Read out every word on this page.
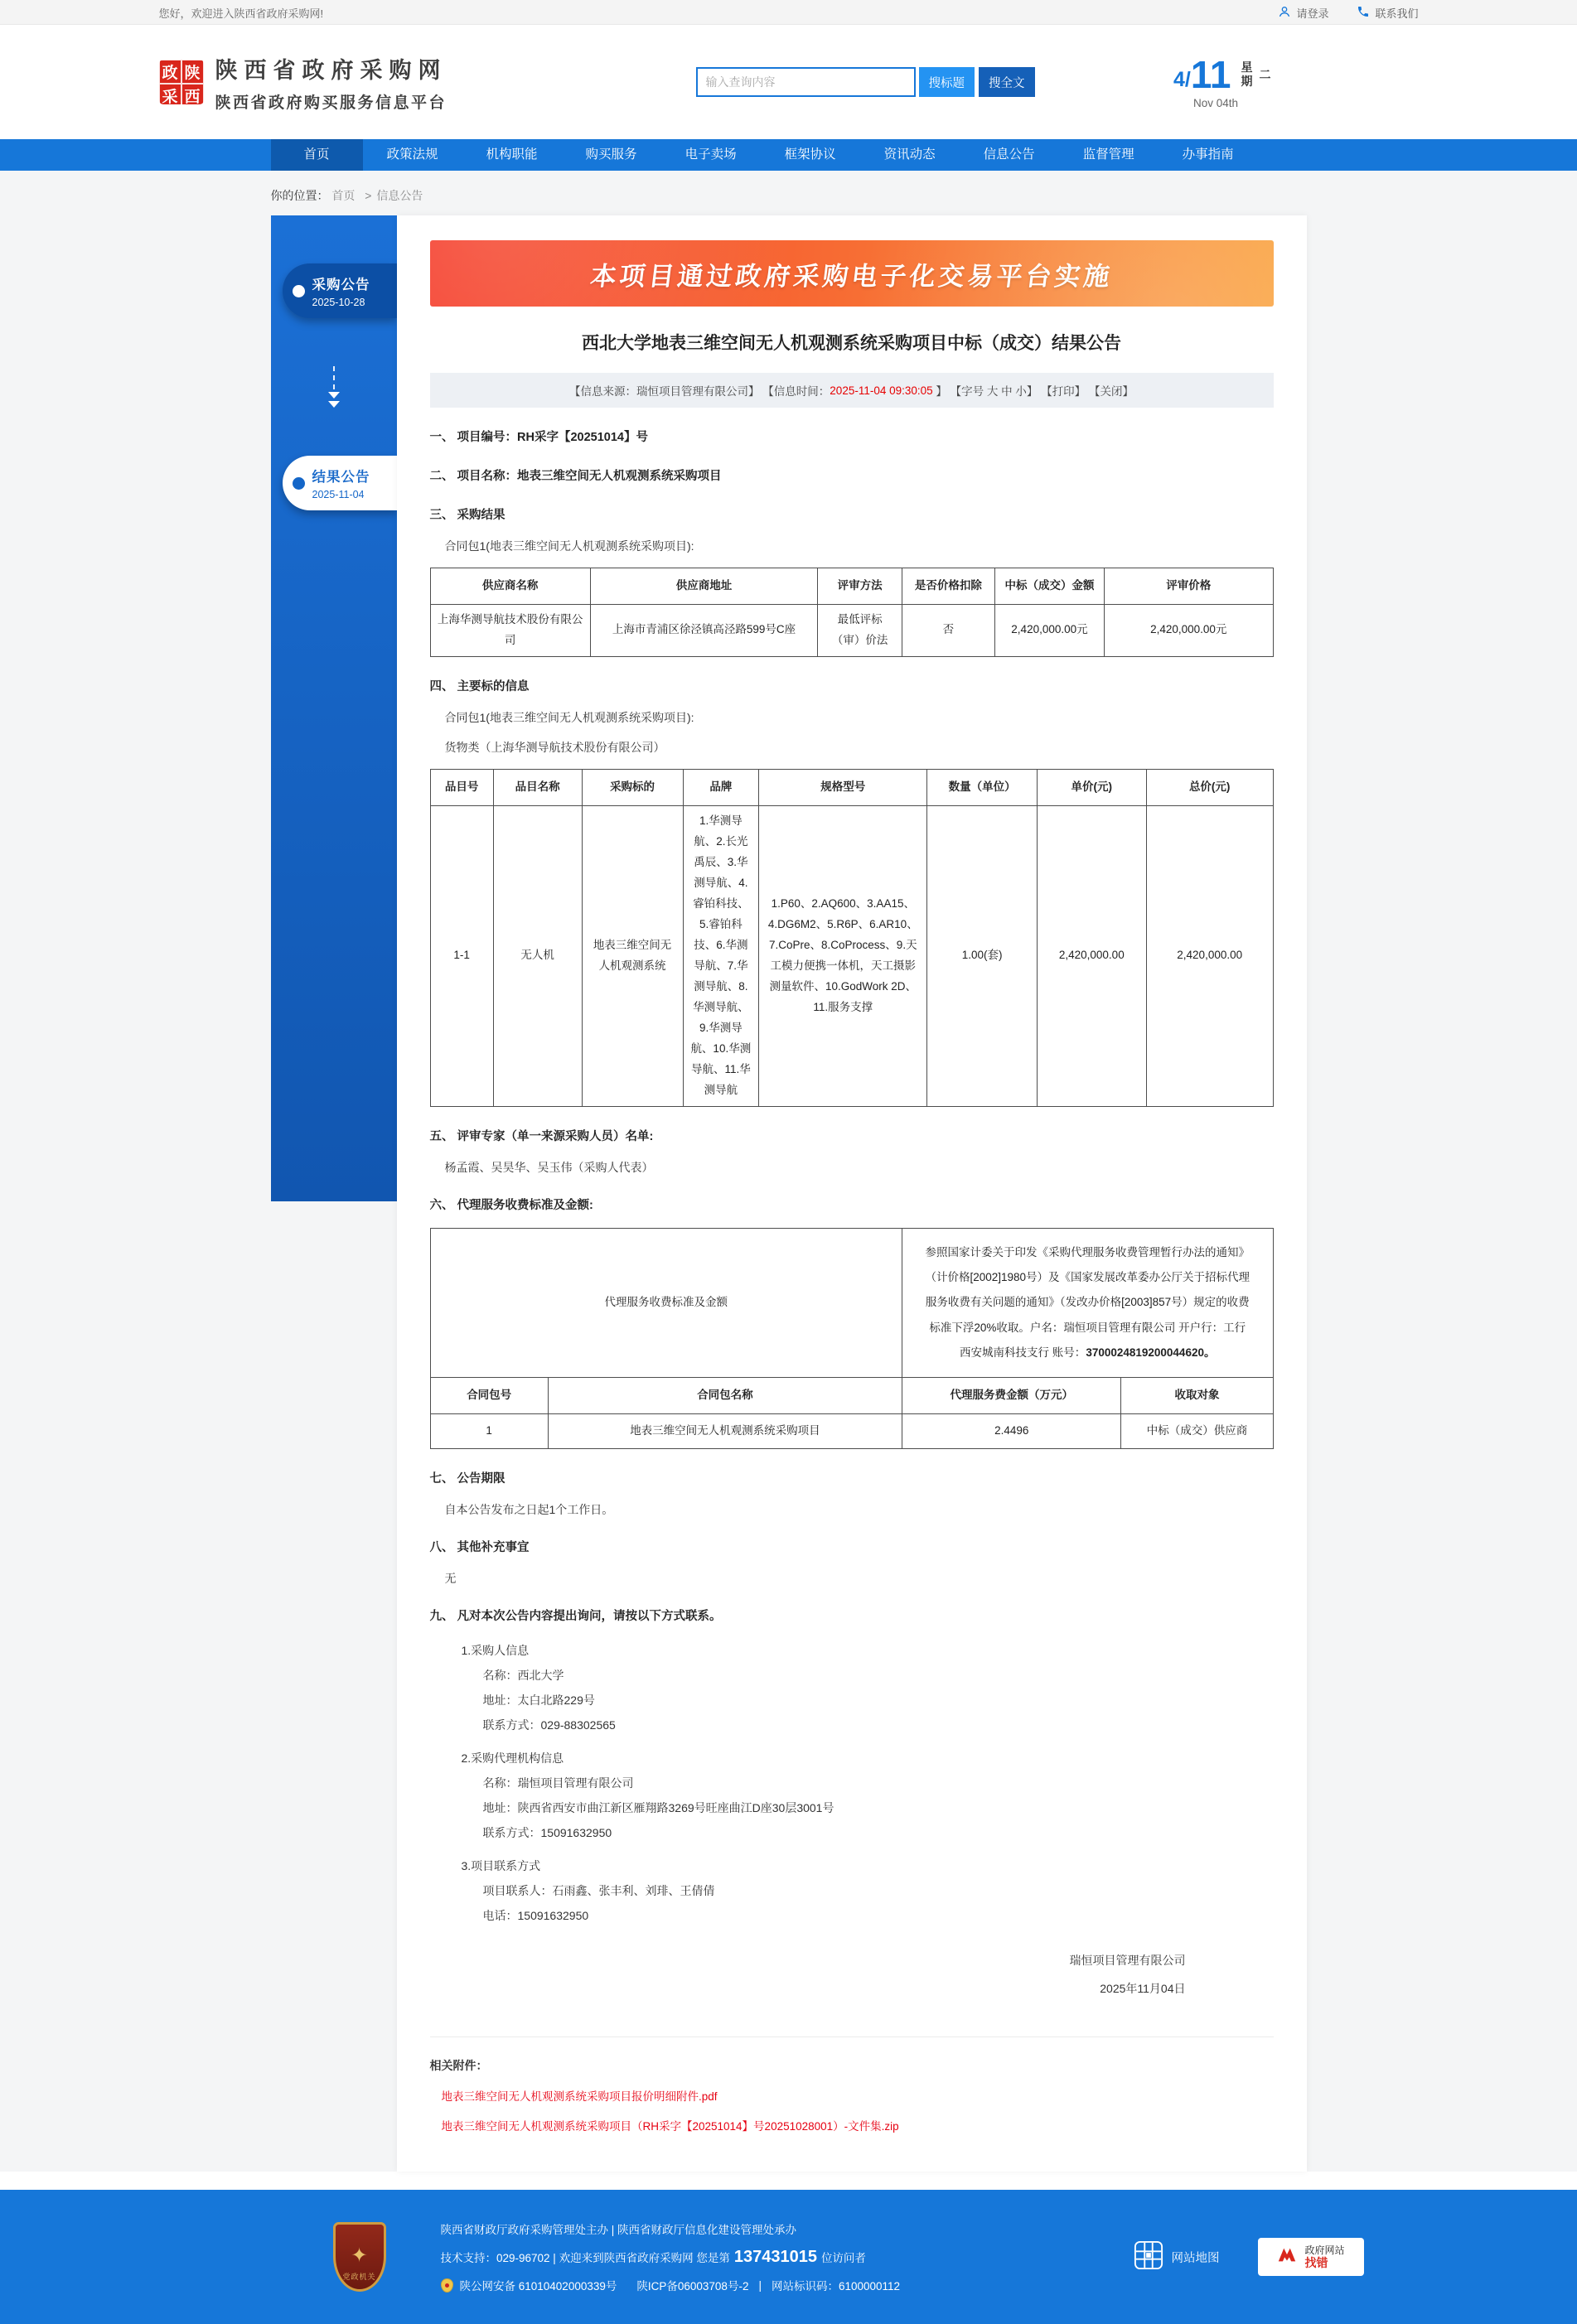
您好，欢迎进入陕西省政府采购网!	请登录	联系我们
政 陕
采 西
陕西省政府采购网
陕西省政府购买服务信息平台
输入查询内容
搜标题	搜全文	4/ 11 星期 二
Nov 04th
首页	政策法规	机构职能	购买服务	电子卖场	框架协议	资讯动态	信息公告	监督管理	办事指南
你的位置： 首页 > 信息公告
采购公告
2025-10-28
结果公告
2025-11-04
本项目通过政府采购电子化交易平台实施
西北大学地表三维空间无人机观测系统采购项目中标（成交）结果公告
【信息来源：瑞恒项目管理有限公司】 【信息时间： 2025-11-04 09:30:05 】 【字号 大 中 小】 【打印】 【关闭】

一、 项目编号：RH采字【20251014】号

二、 项目名称：地表三维空间无人机观测系统采购项目

三、 采购结果

合同包1(地表三维空间无人机观测系统采购项目):

供应商名称	供应商地址	评审方法	是否价格扣除	中标（成交）金额	评审价格
上海华测导航技术股份有限公司	上海市青浦区徐泾镇高泾路599号C座	最低评标（审）价法	否	2,420,000.00元	2,420,000.00元

四、 主要标的信息

合同包1(地表三维空间无人机观测系统采购项目):

货物类（上海华测导航技术股份有限公司）

品目号	品目名称	采购标的	品牌	规格型号	数量（单位）	单价(元)	总价(元)
1-1	无人机	地表三维空间无人机观测系统	1.华测导航、2.长光禹辰、3.华测导航、4.睿铂科技、5.睿铂科技、6.华测导航、7.华测导航、8.华测导航、9.华测导航、10.华测导航、11.华测导航	1.P60、2.AQ600、3.AA15、4.DG6M2、5.R6P、6.AR10、7.CoPre、8.CoProcess、9.天工模力便携一体机，天工摄影测量软件、10.GodWork 2D、11.服务支撑	1.00(套)	2,420,000.00	2,420,000.00

五、 评审专家（单一来源采购人员）名单:

杨孟霞、吴昊华、吴玉伟（采购人代表）

六、 代理服务收费标准及金额:

代理服务收费标准及金额		参照国家计委关于印发《采购代理服务收费管理暂行办法的通知》（计价格[2002]1980号）及《国家发展改革委办公厅关于招标代理服务收费有关问题的通知》（发改办价格[2003]857号）规定的收费标准下浮20%收取。户名：瑞恒项目管理有限公司 开户行：工行西安城南科技支行 账号：3700024819200044620。	
合同包号	合同包名称	代理服务费金额（万元）	收取对象
1	地表三维空间无人机观测系统采购项目	2.4496	中标（成交）供应商

七、 公告期限

自本公告发布之日起1个工作日。

八、 其他补充事宜

无

九、 凡对本次公告内容提出询问，请按以下方式联系。

1.采购人信息

名称：西北大学

地址：太白北路229号

联系方式：029-88302565

2.采购代理机构信息

名称：瑞恒项目管理有限公司

地址：陕西省西安市曲江新区雁翔路3269号旺座曲江D座30层3001号

联系方式：15091632950

3.项目联系方式

项目联系人：石雨鑫、张丰利、刘琲、王倩倩

电话：15091632950

瑞恒项目管理有限公司
2025年11月04日
相关附件：
地表三维空间无人机观测系统采购项目报价明细附件.pdf
地表三维空间无人机观测系统采购项目（RH采字【20251014】号20251028001）-文件集.zip
✦
党政机关
陕西省财政厅政府采购管理处主办 | 陕西省财政厅信息化建设管理处承办
技术支持：029-96702 | 欢迎来到陕西省政府采购网 您是第 137431015 位访问者
陕公网安备 61010402000339号 陕ICP备06003708号-2 | 网站标识码：6100000112
网站地图
政府网站
找错
